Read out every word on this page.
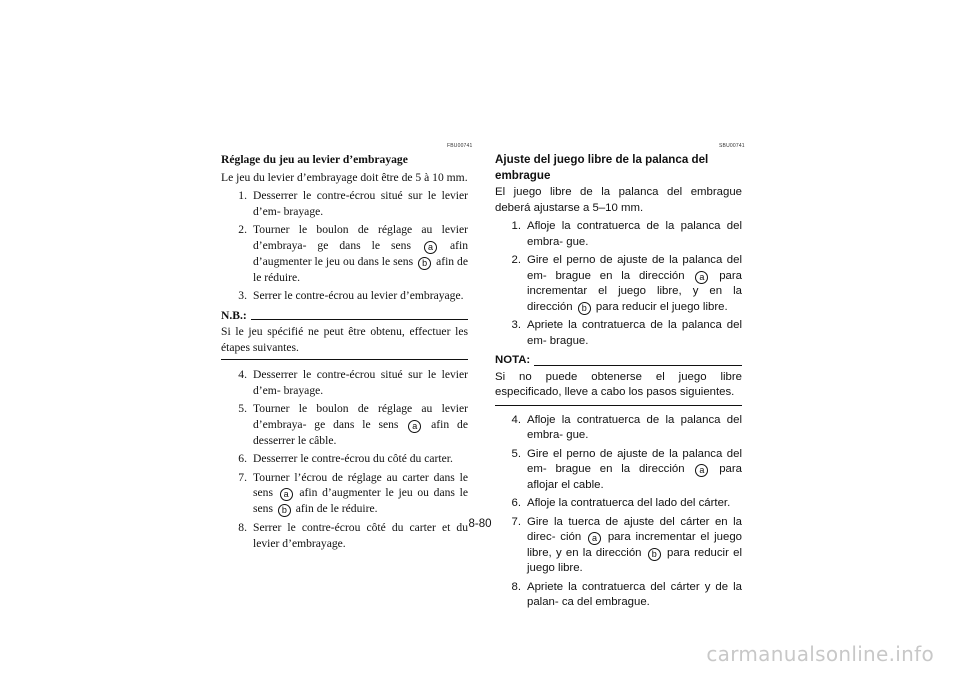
FBU00741
Réglage du jeu au levier d’embrayage

Le jeu du levier d’embrayage doit être de 5 à 10 mm.

1. Desserrer le contre-écrou situé sur le levier d’em- brayage.
2. Tourner le boulon de réglage au levier d’embraya- ge dans le sens a afin d’augmenter le jeu ou dans le sens b afin de le réduire.
3. Serrer le contre-écrou au levier d’embrayage.
N.B.:

Si le jeu spécifié ne peut être obtenu, effectuer les étapes suivantes.

4. Desserrer le contre-écrou situé sur le levier d’em- brayage.
5. Tourner le boulon de réglage au levier d’embraya- ge dans le sens a afin de desserrer le câble.
6. Desserrer le contre-écrou du côté du carter.
7. Tourner l’écrou de réglage au carter dans le sens a afin d’augmenter le jeu ou dans le sens b afin de le réduire.
8. Serrer le contre-écrou côté du carter et du levier d’embrayage.
SBU00741
Ajuste del juego libre de la palanca del embrague

El juego libre de la palanca del embrague deberá ajustarse a 5–10 mm.

1. Afloje la contratuerca de la palanca del embra- gue.
2. Gire el perno de ajuste de la palanca del em- brague en la dirección a para incrementar el juego libre, y en la dirección b para reducir el juego libre.
3. Apriete la contratuerca de la palanca del em- brague.
NOTA:

Si no puede obtenerse el juego libre especificado, lleve a cabo los pasos siguientes.

4. Afloje la contratuerca de la palanca del embra- gue.
5. Gire el perno de ajuste de la palanca del em- brague en la dirección a para aflojar el cable.
6. Afloje la contratuerca del lado del cárter.
7. Gire la tuerca de ajuste del cárter en la direc- ción a para incrementar el juego libre, y en la dirección b para reducir el juego libre.
8. Apriete la contratuerca del cárter y de la palan- ca del embrague.
8-80
carmanualsonline.info
